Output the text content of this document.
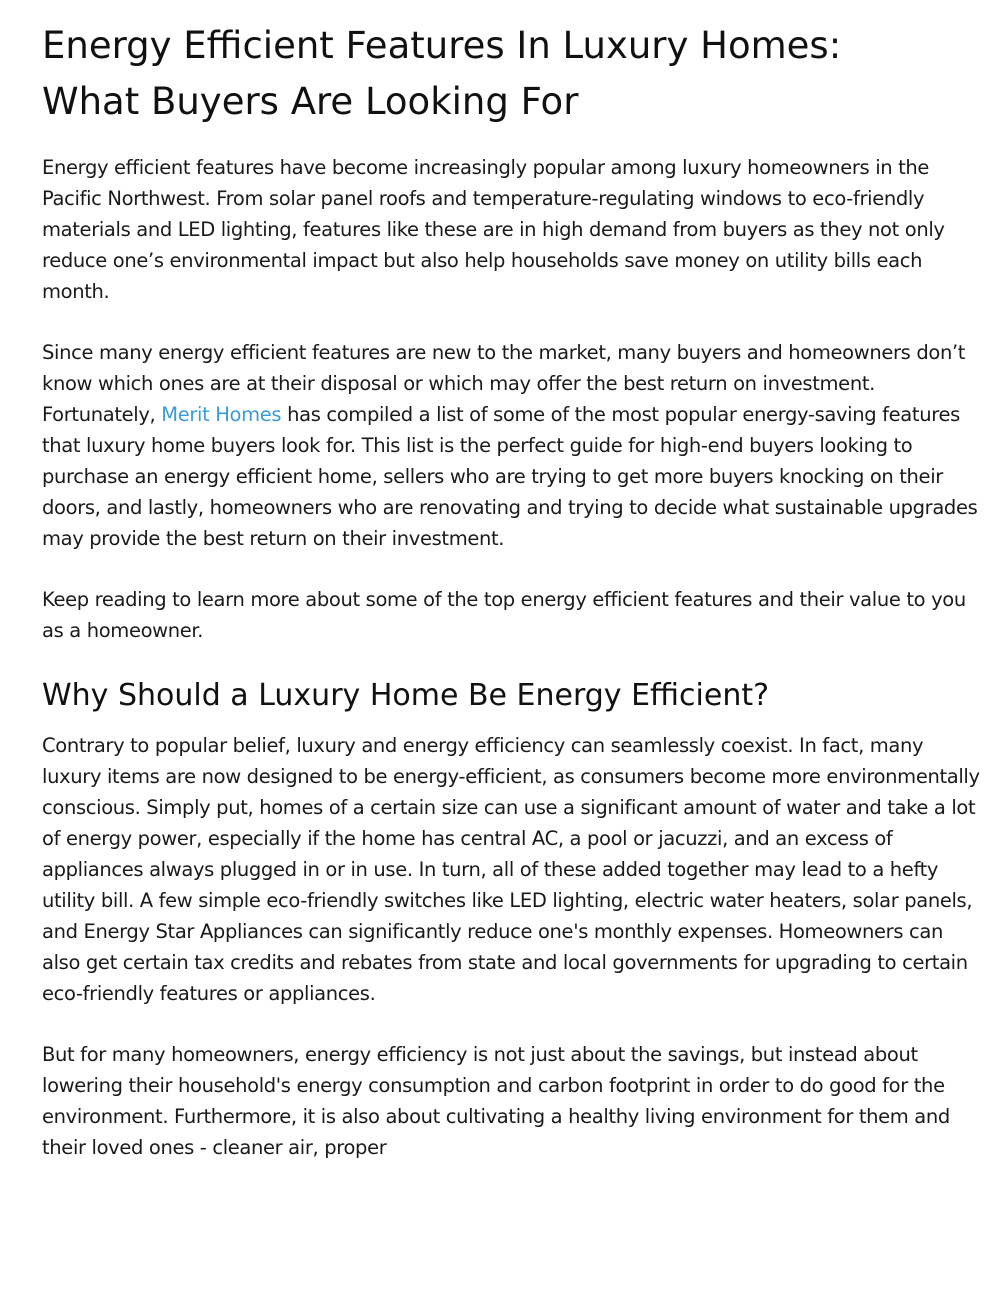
Energy Efficient Features In Luxury Homes:
What Buyers Are Looking For

Energy efficient features have become increasingly popular among luxury homeowners in the Pacific Northwest. From solar panel roofs and temperature-regulating windows to eco-friendly materials and LED lighting, features like these are in high demand from buyers as they not only reduce one’s environmental impact but also help households save money on utility bills each month.

Since many energy efficient features are new to the market, many buyers and homeowners don’t know which ones are at their disposal or which may offer the best return on investment. Fortunately, Merit Homes has compiled a list of some of the most popular energy-saving features that luxury home buyers look for. This list is the perfect guide for high-end buyers looking to purchase an energy efficient home, sellers who are trying to get more buyers knocking on their doors, and lastly, homeowners who are renovating and trying to decide what sustainable upgrades may provide the best return on their investment.

Keep reading to learn more about some of the top energy efficient features and their value to you as a homeowner.

Why Should a Luxury Home Be Energy Efficient?

Contrary to popular belief, luxury and energy efficiency can seamlessly coexist. In fact, many luxury items are now designed to be energy-efficient, as consumers become more environmentally conscious. Simply put, homes of a certain size can use a significant amount of water and take a lot of energy power, especially if the home has central AC, a pool or jacuzzi, and an excess of appliances always plugged in or in use. In turn, all of these added together may lead to a hefty utility bill. A few simple eco-friendly switches like LED lighting, electric water heaters, solar panels, and Energy Star Appliances can significantly reduce one's monthly expenses. Homeowners can also get certain tax credits and rebates from state and local governments for upgrading to certain eco-friendly features or appliances.

But for many homeowners, energy efficiency is not just about the savings, but instead about lowering their household's energy consumption and carbon footprint in order to do good for the environment. Furthermore, it is also about cultivating a healthy living environment for them and their loved ones - cleaner air, proper
